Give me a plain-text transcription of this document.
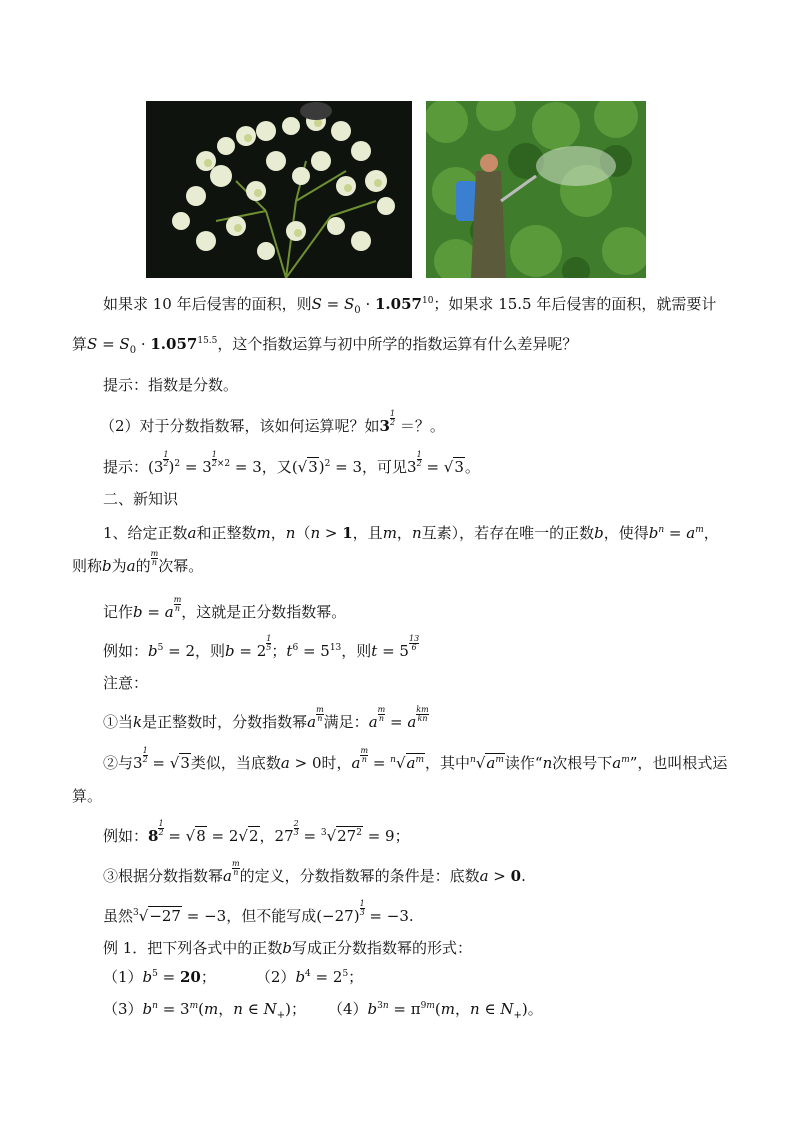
如果求 10 年后侵害的面积，则$S = S_0 \cdot 1.057^{10}$；如果求 15.5 年后侵害的面积，就需要计
算$S = S_0 \cdot 1.057^{15.5}$，这个指数运算与初中所学的指数运算有什么差异呢？
提示：指数是分数。
（2）对于分数指数幂，该如何运算呢？如$3 \frac{1}{2}$ ＝？。
提示：$(3 \frac{1}{2} )^2 = 3 \frac{1}{2} ^{\times 2} = 3$，又$(√3)^2 = 3$，可见$3 \frac{1}{2} = √3$。
二、新知识
1、给定正数a和正整数m，n（n > 1，且m，n互素），若存在唯一的正数b，使得$b^n = a^m$，
则称b为a的 $\frac{m}{n}$ 次幂。
记作b = a $\frac{m}{n}$ ，这就是正分数指数幂。
例如：$b^5 = 2$，则$b = 2 \frac{1}{5}$ ；$t^6 = 5^{13}$，则$t = 5 \frac{13}{6}$
注意：
①当k是正整数时，分数指数幂a $\frac{m}{n}$ 满足：a $\frac{m}{n} = a \frac{km}{kn}$
②与$3 \frac{1}{2} = √3$类似，当底数a > 0时，a $\frac{m}{n} = ^n√a^m$，其中$^n√a^m$读作“n次根号下$a^m$”，也叫根式运
算。
例如：$8 \frac{1}{2} = √8 = 2√2$，$27 \frac{2}{3} = ^3√27^2 = 9$；
③根据分数指数幂a $\frac{m}{n}$ 的定义，分数指数幂的条件是：底数a > 0.
虽然$^3$√−27 = −3，但不能写成$(-27) \frac{1}{3} = -3$.
例 1．把下列各式中的正数b写成正分数指数幂的形式：
$(1)b^5 = 20$；	$(2)b^4 = 2^5$；
$(3)b^n = 3^m(m$，n ∈ $N_+$)； $(4)b^{3n} = \pi^{9m}(m$，n ∈ $N_+$)。
